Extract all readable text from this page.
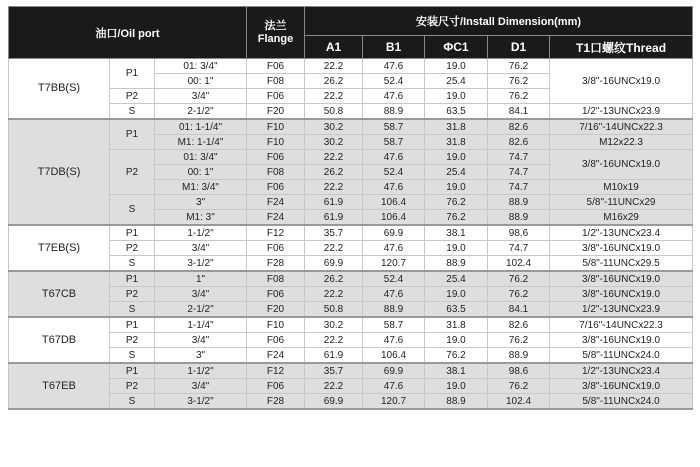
油口/Oil port			法兰
Flange	安装尺寸/Install Dimension(mm)				
				A1	B1	ΦC1	D1	T1口螺纹Thread
T7BB(S)	P1	01: 3/4"	F06	22.2	47.6	19.0	76.2	3/8"-16UNCx19.0
		00: 1"	F08	26.2	52.4	25.4	76.2	
	P2	3/4"	F06	22.2	47.6	19.0	76.2	
	S	2-1/2"	F20	50.8	88.9	63.5	84.1	1/2"-13UNCx23.9
T7DB(S)	P1	01: 1-1/4"	F10	30.2	58.7	31.8	82.6	7/16"-14UNCx22.3
		M1: 1-1/4"	F10	30.2	58.7	31.8	82.6	M12x22.3
	P2	01: 3/4"	F06	22.2	47.6	19.0	74.7	3/8"-16UNCx19.0
		00: 1"	F08	26.2	52.4	25.4	74.7	
		M1: 3/4"	F06	22.2	47.6	19.0	74.7	M10x19
	S	3"	F24	61.9	106.4	76.2	88.9	5/8"-11UNCx29
		M1: 3"	F24	61.9	106.4	76.2	88.9	M16x29
T7EB(S)	P1	1-1/2"	F12	35.7	69.9	38.1	98.6	1/2"-13UNCx23.4
	P2	3/4"	F06	22.2	47.6	19.0	74.7	3/8"-16UNCx19.0
	S	3-1/2"	F28	69.9	120.7	88.9	102.4	5/8"-11UNCx29.5
T67CB	P1	1"	F08	26.2	52.4	25.4	76.2	3/8"-16UNCx19.0
	P2	3/4"	F06	22.2	47.6	19.0	76.2	3/8"-16UNCx19.0
	S	2-1/2"	F20	50.8	88.9	63.5	84.1	1/2"-13UNCx23.9
T67DB	P1	1-1/4"	F10	30.2	58.7	31.8	82.6	7/16"-14UNCx22.3
	P2	3/4"	F06	22.2	47.6	19.0	76.2	3/8"-16UNCx19.0
	S	3"	F24	61.9	106.4	76.2	88.9	5/8"-11UNCx24.0
T67EB	P1	1-1/2"	F12	35.7	69.9	38.1	98.6	1/2"-13UNCx23.4
	P2	3/4"	F06	22.2	47.6	19.0	76.2	3/8"-16UNCx19.0
	S	3-1/2"	F28	69.9	120.7	88.9	102.4	5/8"-11UNCx24.0
